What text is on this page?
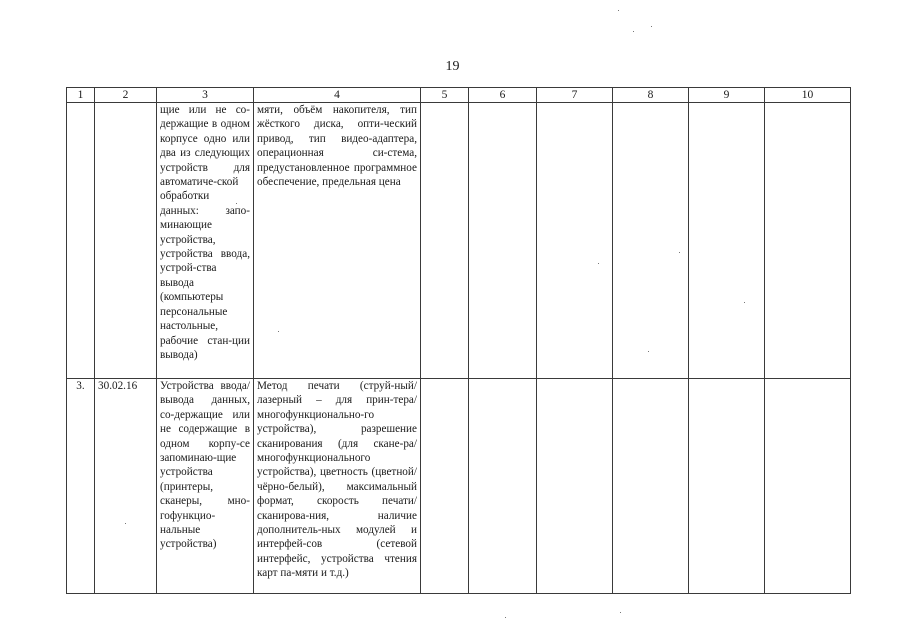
19
1	2	3	4	5	6	7	8	9	10
		щие или не со-держащие в одном корпусе одно или два из следующих устройств для автоматиче-ской обработки данных: запо-минающие устройства, устройства ввода, устрой-ства вывода (компьютеры персональные настольные, рабочие стан-ции вывода)	мяти, объём накопителя, тип жёсткого диска, опти-ческий привод, тип видео-адаптера, операционная си-стема, предустановленное программное обеспечение, предельная цена						
3.	30.02.16	Устройства ввода/вывода данных, со-держащие или не содержащие в одном корпу-се запоминаю-щие устройства (принтеры, сканеры, мно-гофункцио-нальные устройства)	Метод печати (струй-ный/лазерный – для прин-тера/многофункционально-го устройства), разрешение сканирования (для скане-ра/многофункционального устройства), цветность (цветной/чёрно-белый), максимальный формат, скорость печати/сканирова-ния, наличие дополнитель-ных модулей и интерфей-сов (сетевой интерфейс, устройства чтения карт па-мяти и т.д.)						
